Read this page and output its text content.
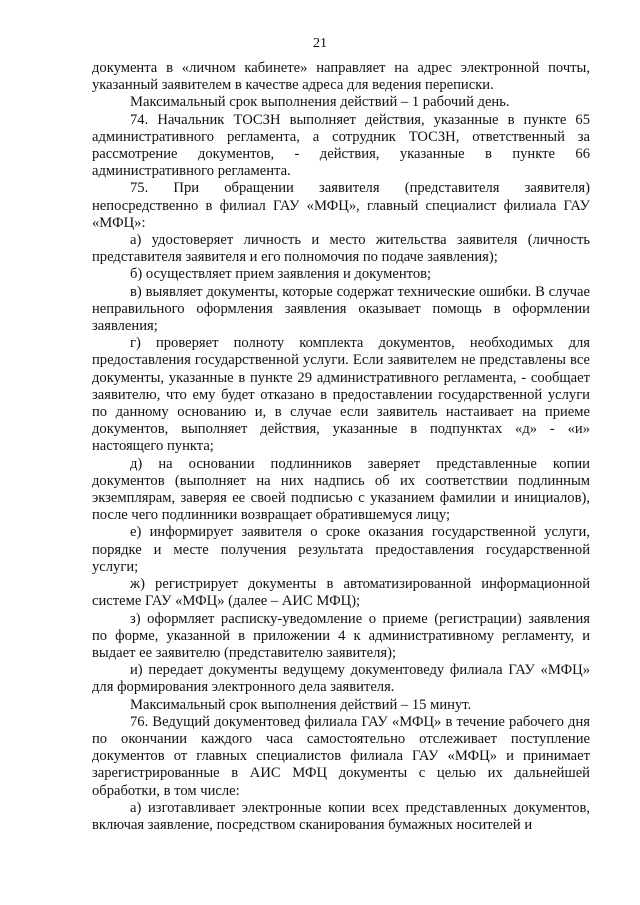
21

документа в «личном кабинете» направляет на адрес электронной почты, указанный заявителем в качестве адреса для ведения переписки.

Максимальный срок выполнения действий – 1 рабочий день.

74. Начальник ТОСЗН выполняет действия, указанные в пункте 65 административного регламента, а сотрудник ТОСЗН, ответственный за рассмотрение документов, - действия, указанные в пункте 66 административного регламента.

75. При обращении заявителя (представителя заявителя) непосредственно в филиал ГАУ «МФЦ», главный специалист филиала ГАУ «МФЦ»:

а) удостоверяет личность и место жительства заявителя (личность представителя заявителя и его полномочия по подаче заявления);

б) осуществляет прием заявления и документов;

в) выявляет документы, которые содержат технические ошибки. В случае неправильного оформления заявления оказывает помощь в оформлении заявления;

г) проверяет полноту комплекта документов, необходимых для предоставления государственной услуги. Если заявителем не представлены все документы, указанные в пункте 29 административного регламента, - сообщает заявителю, что ему будет отказано в предоставлении государственной услуги по данному основанию и, в случае если заявитель настаивает на приеме документов, выполняет действия, указанные в подпунктах «д» - «и» настоящего пункта;

д) на основании подлинников заверяет представленные копии документов (выполняет на них надпись об их соответствии подлинным экземплярам, заверяя ее своей подписью с указанием фамилии и инициалов), после чего подлинники возвращает обратившемуся лицу;

е) информирует заявителя о сроке оказания государственной услуги, порядке и месте получения результата предоставления государственной услуги;

ж) регистрирует документы в автоматизированной информационной системе ГАУ «МФЦ» (далее – АИС МФЦ);

з) оформляет расписку-уведомление о приеме (регистрации) заявления по форме, указанной в приложении 4 к административному регламенту, и выдает ее заявителю (представителю заявителя);

и) передает документы ведущему документоведу филиала ГАУ «МФЦ» для формирования электронного дела заявителя.

Максимальный срок выполнения действий – 15 минут.

76. Ведущий документовед филиала ГАУ «МФЦ» в течение рабочего дня по окончании каждого часа самостоятельно отслеживает поступление документов от главных специалистов филиала ГАУ «МФЦ» и принимает зарегистрированные в АИС МФЦ документы с целью их дальнейшей обработки, в том числе:

а) изготавливает электронные копии всех представленных документов, включая заявление, посредством сканирования бумажных носителей и
